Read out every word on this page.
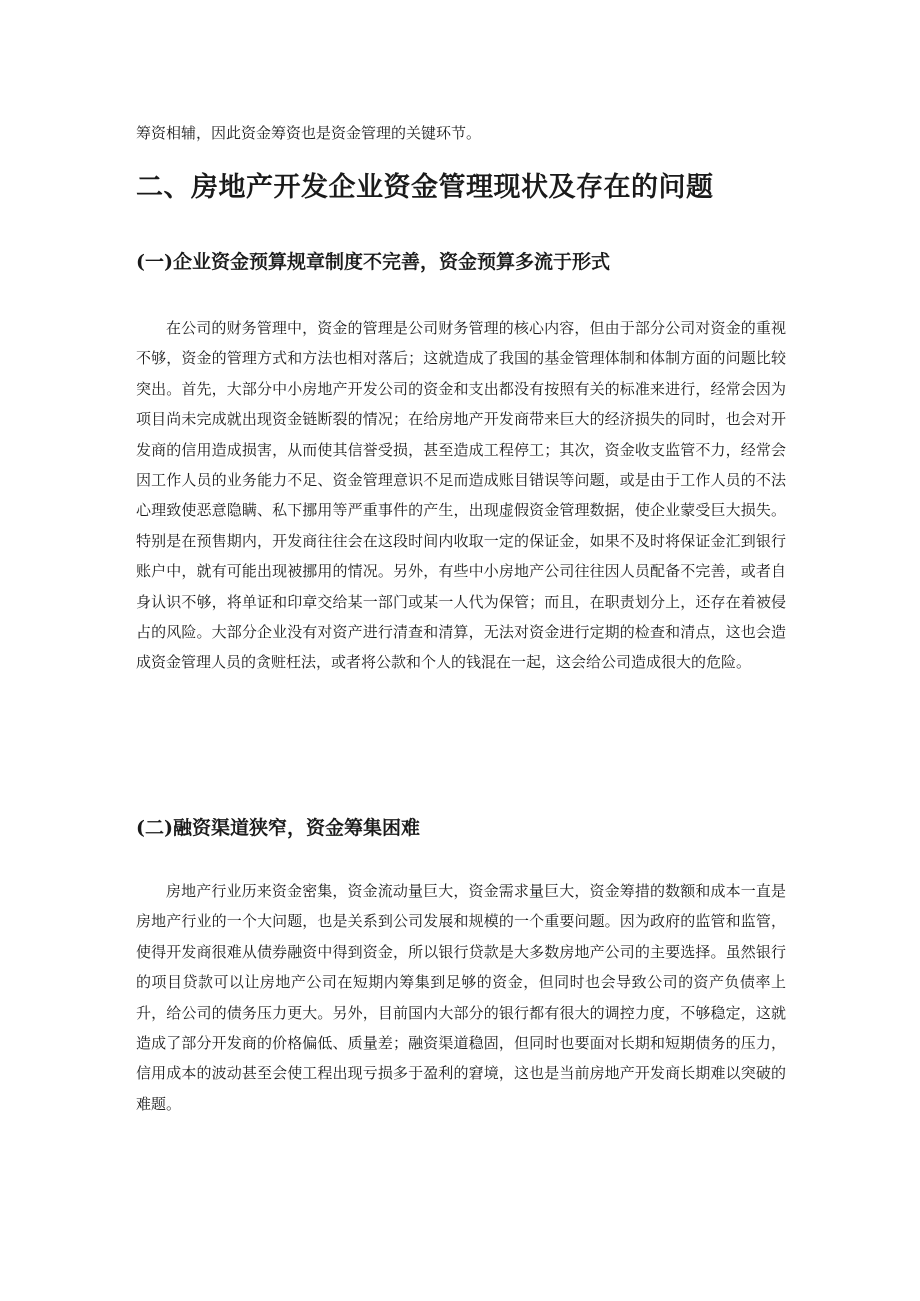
筹资相辅，因此资金筹资也是资金管理的关键环节。

二、房地产开发企业资金管理现状及存在的问题
(一)企业资金预算规章制度不完善，资金预算多流于形式

在公司的财务管理中，资金的管理是公司财务管理的核心内容，但由于部分公司对资金的重视不够，资金的管理方式和方法也相对落后；这就造成了我国的基金管理体制和体制方面的问题比较突出。首先，大部分中小房地产开发公司的资金和支出都没有按照有关的标准来进行，经常会因为项目尚未完成就出现资金链断裂的情况；在给房地产开发商带来巨大的经济损失的同时，也会对开发商的信用造成损害，从而使其信誉受损，甚至造成工程停工；其次，资金收支监管不力，经常会因工作人员的业务能力不足、资金管理意识不足而造成账目错误等问题，或是由于工作人员的不法心理致使恶意隐瞒、私下挪用等严重事件的产生，出现虚假资金管理数据，使企业蒙受巨大损失。特别是在预售期内，开发商往往会在这段时间内收取一定的保证金，如果不及时将保证金汇到银行账户中，就有可能出现被挪用的情况。另外，有些中小房地产公司往往因人员配备不完善，或者自身认识不够，将单证和印章交给某一部门或某一人代为保管；而且，在职责划分上，还存在着被侵占的风险。大部分企业没有对资产进行清查和清算，无法对资金进行定期的检查和清点，这也会造成资金管理人员的贪赃枉法，或者将公款和个人的钱混在一起，这会给公司造成很大的危险。

(二)融资渠道狭窄，资金筹集困难

房地产行业历来资金密集，资金流动量巨大，资金需求量巨大，资金筹措的数额和成本一直是房地产行业的一个大问题，也是关系到公司发展和规模的一个重要问题。因为政府的监管和监管，使得开发商很难从债券融资中得到资金，所以银行贷款是大多数房地产公司的主要选择。虽然银行的项目贷款可以让房地产公司在短期内筹集到足够的资金，但同时也会导致公司的资产负债率上升，给公司的债务压力更大。另外，目前国内大部分的银行都有很大的调控力度，不够稳定，这就造成了部分开发商的价格偏低、质量差；融资渠道稳固，但同时也要面对长期和短期债务的压力，信用成本的波动甚至会使工程出现亏损多于盈利的窘境，这也是当前房地产开发商长期难以突破的难题。
